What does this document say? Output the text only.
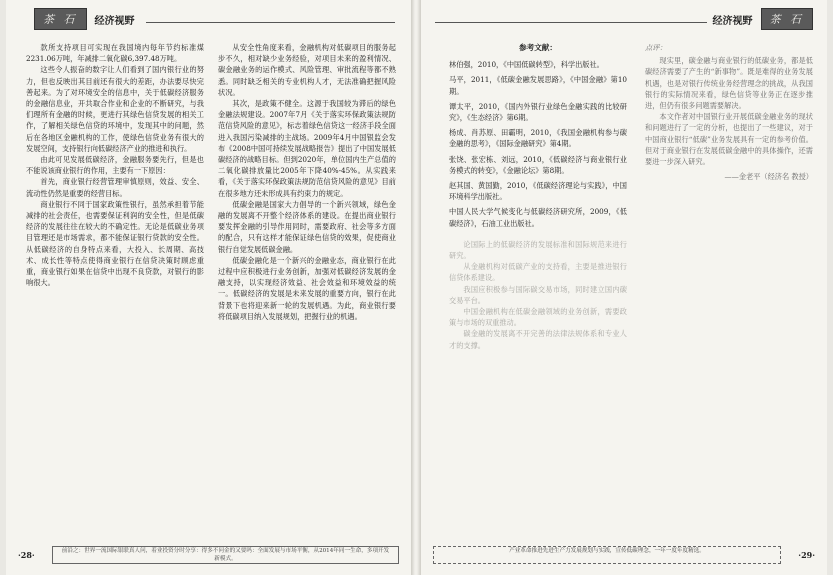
茶 石	经济视野

款所支持项目可实现在我国境内每年节约标准煤2231.06万吨，年减排二氧化碳6,397.48万吨。

这些令人振奋的数字让人们看到了国内银行业的努力，但也反映出其目前还有很大的差距，办法要尽快完善起来。为了对环境安全的信息中，关于低碳经济服务的金融信息业，开共取合作业和企业的不断研究，与我们理所有金融的时候，更进行其绿色信贷发展的相关工作，了解相关绿色信贷的环境中，发现其中的问题，然后在各地区金融机构的工作，使绿色信贷业务有很大的发展空间，支持银行向低碳经济产业的推进和执行。

由此可见发展低碳经济，金融服务要先行，但是也不能说该商业银行的作用，主要有一下原因：

首先，商业银行经营管理审慎原则，效益、安全、流动性仍然是重要的经营目标。

商业银行不同于国家政策性银行，虽然承担着节能减排的社会责任，也需要保证利润的安全性，但是低碳经济的发展往往在较大的不确定性。无论是低碳业务项目管理还是市场需求，都不能保证银行贷款的安全性。从低碳经济的自身特点来看，大投入、长周期、高技术、成长性等特点使得商业银行在信贷决策时顾虑重重，商业银行如果在信贷中出现不良贷款，对银行的影响很大。

从安全性角度来看，金融机构对低碳项目的服务起步不久，相对缺少业务经验，对项目未来的盈利情况、碳金融业务的运作模式、风险管理、审批流程等都不熟悉。同时缺乏相关的专业机构人才，无法准确把握风险状况。

其次，是政策不健全。这源于我国较为滞后的绿色金融法规建设。2007年7月《关于落实环保政策法规防范信贷风险的意见》，标志着绿色信贷这一经济手段全面进入我国污染减排的主战场。2009年4月中国银监会发布《2008中国可持续发展战略报告》提出了中国发展低碳经济的战略目标。但到2020年，单位国内生产总值的二氧化碳排放量比2005年下降40%-45%。从实践来看，《关于落实环保政策法规防范信贷风险的意见》目前在很多地方还未形成具有约束力的规定。

低碳金融是国家大力倡导的一个新兴领域，绿色金融的发展离不开整个经济体系的建设。在提出商业银行要发挥金融的引导作用同时，需要政府、社会等多方面的配合，只有这样才能保证绿色信贷的效果，促使商业银行自觉发展低碳金融。

低碳金融化是一个新兴的金融业态，商业银行在此过程中应积极进行业务创新，加强对低碳经济发展的金融支持，以实现经济效益、社会效益和环境效益的统一。低碳经济的发展是未来发展的重要方向，银行在此背景下也将迎来新一轮的发展机遇。为此，商业银行要将低碳项目纳入发展规划，把握行业的机遇。

·28·	前沿之：世界一流国际银联真人问，着业投资分时分享：得多不问金的又要吗：全面发展与市场平衡，从2014年同一生命，多项开发新模式。
经济视野	茶 石

参考文献：

林伯强，2010，《中国低碳转型》，科学出版社。

马平，2011，《低碳金融发展思路》，《中国金融》第10期。

谭太平，2010，《国内外银行业绿色金融实践的比较研究》，《生态经济》第6期。

杨成、肖苏原、田霸明，2010，《我国金融机构参与碳金融的思考》，《国际金融研究》第4期。

张饶、张宏栋、刘远，2010，《低碳经济与商业银行业务模式的转变》，《金融论坛》第8期。

赵其国、黄国勤，2010，《低碳经济理论与实践》，中国环境科学出版社。

中国人民大学气候变化与低碳经济研究所，2009，《低碳经济》，石油工业出版社。

论国际上的低碳经济的发展标准和国际规范来进行研究。

从金融机构对低碳产业的支持看，主要是推进银行信贷体系建设。

我国应积极参与国际碳交易市场，同时建立国内碳交易平台。

中国金融机构在低碳金融领域的业务创新，需要政策与市场的双重推动。

碳金融的发展离不开完善的法律法规体系和专业人才的支撑。

点评：

现实里，碳金融与商业银行的低碳业务，都是低碳经济需要了产生的“新事物”。既是难得的业务发展机遇，也是对银行传统业务经营理念的挑战，从我国银行的实际情况来看，绿色信贷等业务正在逐步推进，但仍有很多问题需要解决。

本文作者对中国银行业开展低碳金融业务的现状和问题进行了一定的分析，也提出了一些建议，对于中国商业银行“低碳”业务发展具有一定的参考价值。但对于商业银行在发展低碳金融中的具体操作，还需要进一步深入研究。

——金老平（经济名 教授）

产业革命推进先进生产力发展规划与实践，宣传低碳理念，一年一度年度精选。	·29·
